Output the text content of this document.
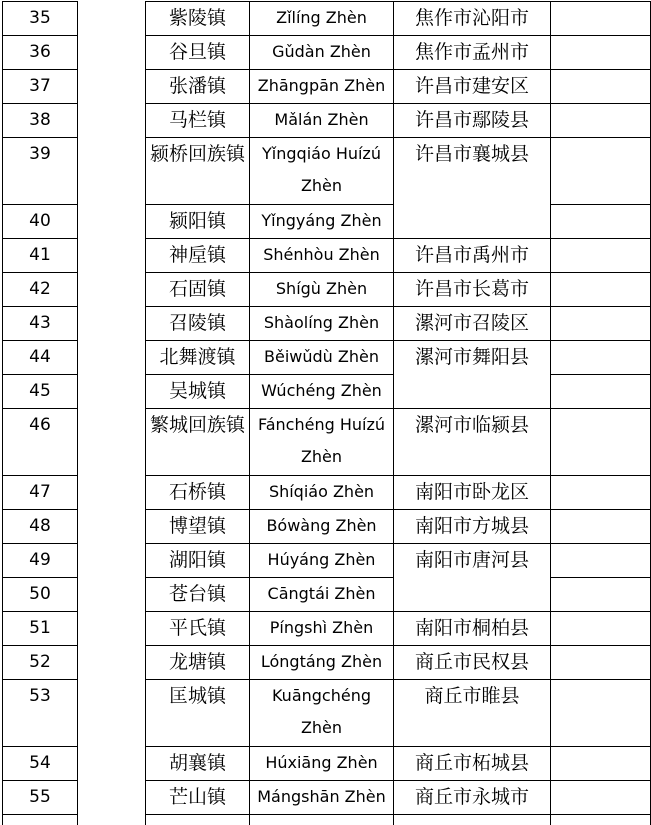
35		紫陵镇	Zǐlíng Zhèn	焦作市沁阳市	
36		谷旦镇	Gǔdàn Zhèn	焦作市孟州市	
37		张潘镇	Zhāngpān Zhèn	许昌市建安区	
38		马栏镇	Mǎlán Zhèn	许昌市鄢陵县	
39		颍桥回族镇	Yǐngqiáo Huízú Zhèn	许昌市襄城县	
40		颍阳镇	Yǐngyáng Zhèn		
41		神垕镇	Shénhòu Zhèn	许昌市禹州市	
42		石固镇	Shígù Zhèn	许昌市长葛市	
43		召陵镇	Shàolíng Zhèn	漯河市召陵区	
44		北舞渡镇	Běiwǔdù Zhèn	漯河市舞阳县	
45		吴城镇	Wúchéng Zhèn		
46		繁城回族镇	Fánchéng Huízú Zhèn	漯河市临颍县	
47		石桥镇	Shíqiáo Zhèn	南阳市卧龙区	
48		博望镇	Bówàng Zhèn	南阳市方城县	
49		湖阳镇	Húyáng Zhèn	南阳市唐河县	
50		苍台镇	Cāngtái Zhèn		
51		平氏镇	Píngshì Zhèn	南阳市桐柏县	
52		龙塘镇	Lóngtáng Zhèn	商丘市民权县	
53		匡城镇	Kuāngchéng Zhèn	商丘市睢县	
54		胡襄镇	Húxiāng Zhèn	商丘市柘城县	
55		芒山镇	Mángshān Zhèn	商丘市永城市	
